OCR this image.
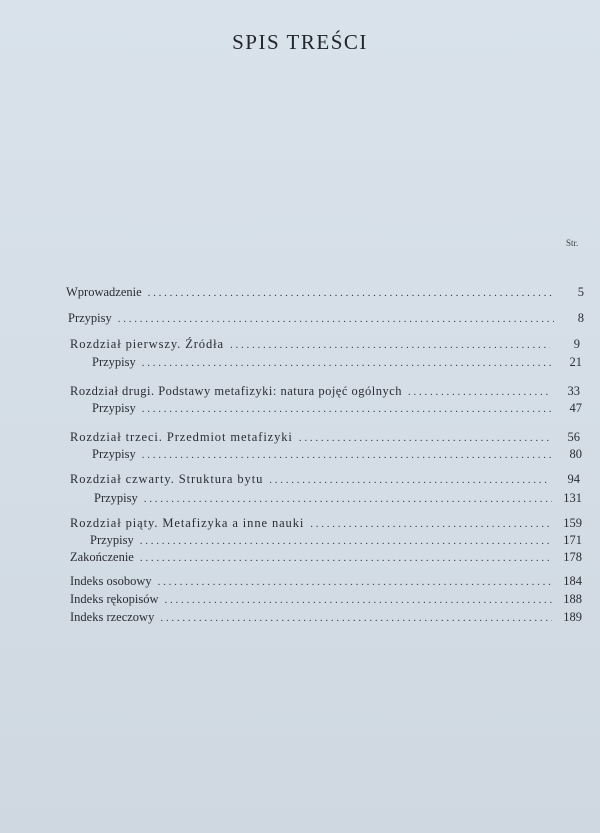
SPIS TREŚCI
Str.
Wprowadzenie . . .	5
Przypisy . . .	8
Rozdział pierwszy. Źródła . . .	9
Przypisy . . .	21
Rozdział drugi. Podstawy metafizyki: natura pojęć ogólnych . . .	33
Przypisy . . .	47
Rozdział trzeci. Przedmiot metafizyki . . .	56
Przypisy . . .	80
Rozdział czwarty. Struktura bytu . . .	94
Przypisy . . .	131
Rozdział piąty. Metafizyka a inne nauki . . .	159
Przypisy . . .	171
Zakończenie . . .	178
Indeks osobowy . . .	184
Indeks rękopisów . . .	188
Indeks rzeczowy . . .	189
